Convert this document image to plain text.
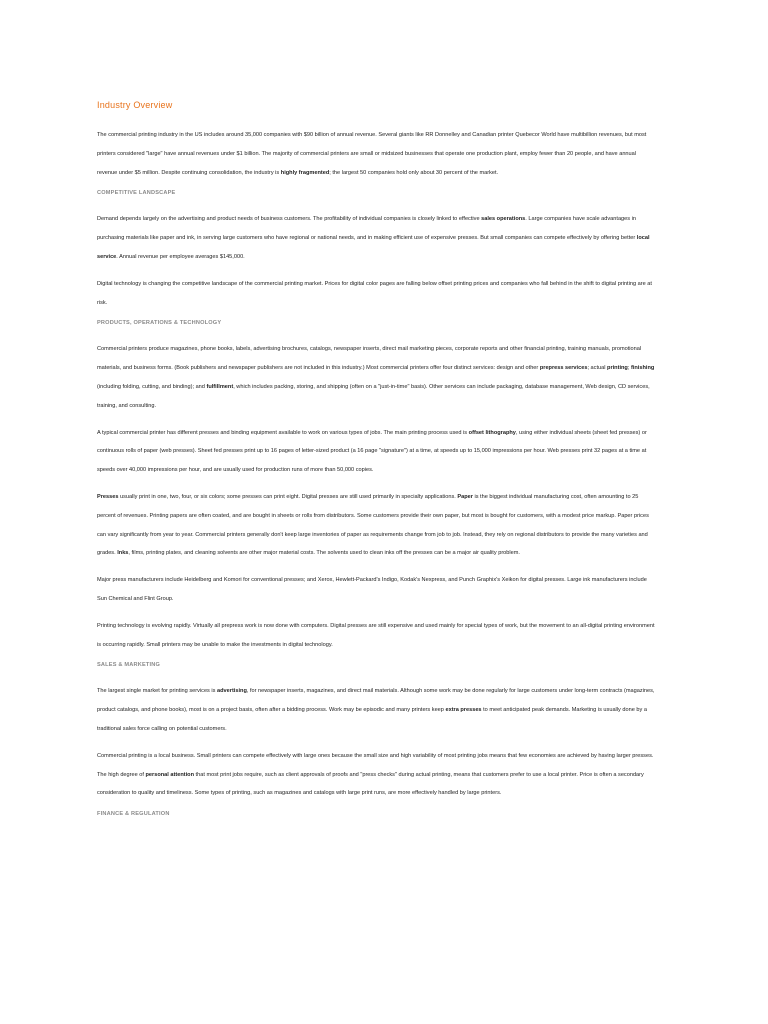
Industry Overview

The commercial printing industry in the US includes around 35,000 companies with $90 billion of annual revenue. Several giants like RR Donnelley and Canadian printer Quebecor World have multibillion revenues, but most printers considered "large" have annual revenues under $1 billion. The majority of commercial printers are small or midsized businesses that operate one production plant, employ fewer than 20 people, and have annual revenue under $5 million. Despite continuing consolidation, the industry is highly fragmented; the largest 50 companies hold only about 30 percent of the market.

COMPETITIVE LANDSCAPE

Demand depends largely on the advertising and product needs of business customers. The profitability of individual companies is closely linked to effective sales operations. Large companies have scale advantages in purchasing materials like paper and ink, in serving large customers who have regional or national needs, and in making efficient use of expensive presses. But small companies can compete effectively by offering better local service. Annual revenue per employee averages $145,000.

Digital technology is changing the competitive landscape of the commercial printing market. Prices for digital color pages are falling below offset printing prices and companies who fall behind in the shift to digital printing are at risk.

PRODUCTS, OPERATIONS & TECHNOLOGY

Commercial printers produce magazines, phone books, labels, advertising brochures, catalogs, newspaper inserts, direct mail marketing pieces, corporate reports and other financial printing, training manuals, promotional materials, and business forms. (Book publishers and newspaper publishers are not included in this industry.) Most commercial printers offer four distinct services: design and other prepress services; actual printing; finishing (including folding, cutting, and binding); and fulfillment, which includes packing, storing, and shipping (often on a "just-in-time" basis). Other services can include packaging, database management, Web design, CD services, training, and consulting.

A typical commercial printer has different presses and binding equipment available to work on various types of jobs. The main printing process used is offset lithography, using either individual sheets (sheet fed presses) or continuous rolls of paper (web presses). Sheet fed presses print up to 16 pages of letter-sized product (a 16 page "signature") at a time, at speeds up to 15,000 impressions per hour. Web presses print 32 pages at a time at speeds over 40,000 impressions per hour, and are usually used for production runs of more than 50,000 copies.

Presses usually print in one, two, four, or six colors; some presses can print eight. Digital presses are still used primarily in specialty applications. Paper is the biggest individual manufacturing cost, often amounting to 25 percent of revenues. Printing papers are often coated, and are bought in sheets or rolls from distributors. Some customers provide their own paper, but most is bought for customers, with a modest price markup. Paper prices can vary significantly from year to year. Commercial printers generally don't keep large inventories of paper as requirements change from job to job. Instead, they rely on regional distributors to provide the many varieties and grades. Inks, films, printing plates, and cleaning solvents are other major material costs. The solvents used to clean inks off the presses can be a major air quality problem.

Major press manufacturers include Heidelberg and Komori for conventional presses; and Xerox, Hewlett-Packard's Indigo, Kodak's Nexpress, and Punch Graphix's Xeikon for digital presses. Large ink manufacturers include Sun Chemical and Flint Group.

Printing technology is evolving rapidly. Virtually all prepress work is now done with computers. Digital presses are still expensive and used mainly for special types of work, but the movement to an all-digital printing environment is occurring rapidly. Small printers may be unable to make the investments in digital technology.

SALES & MARKETING

The largest single market for printing services is advertising, for newspaper inserts, magazines, and direct mail materials. Although some work may be done regularly for large customers under long-term contracts (magazines, product catalogs, and phone books), most is on a project basis, often after a bidding process. Work may be episodic and many printers keep extra presses to meet anticipated peak demands. Marketing is usually done by a traditional sales force calling on potential customers.

Commercial printing is a local business. Small printers can compete effectively with large ones because the small size and high variability of most printing jobs means that few economies are achieved by having larger presses. The high degree of personal attention that most print jobs require, such as client approvals of proofs and "press checks" during actual printing, means that customers prefer to use a local printer. Price is often a secondary consideration to quality and timeliness. Some types of printing, such as magazines and catalogs with large print runs, are more effectively handled by large printers.

FINANCE & REGULATION
